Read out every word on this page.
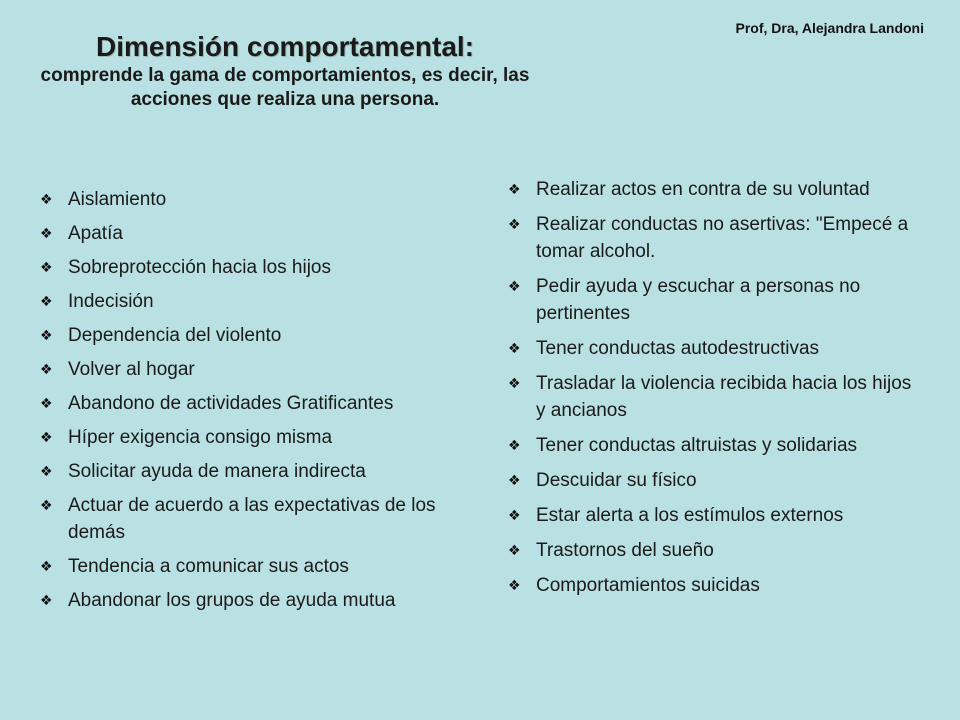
Prof, Dra, Alejandra Landoni
Dimensión comportamental:
comprende la gama de comportamientos, es decir, las acciones que realiza una persona.
❖ Aislamiento
❖ Apatía
❖ Sobreprotección hacia los hijos
❖ Indecisión
❖ Dependencia del violento
❖ Volver al hogar
❖ Abandono de actividades Gratificantes
❖ Híper exigencia consigo misma
❖ Solicitar ayuda de manera indirecta
❖ Actuar de acuerdo a las expectativas de los demás
❖ Tendencia a comunicar sus actos
❖ Abandonar los grupos de ayuda mutua
❖ Realizar actos en contra de su voluntad
❖ Realizar conductas no asertivas: "Empecé a tomar alcohol.
❖ Pedir ayuda y escuchar a personas no pertinentes
❖ Tener conductas autodestructivas
❖ Trasladar la violencia recibida hacia los hijos y ancianos
❖ Tener conductas altruistas y solidarias
❖ Descuidar su físico
❖ Estar alerta a los estímulos externos
❖ Trastornos del sueño
❖ Comportamientos suicidas
